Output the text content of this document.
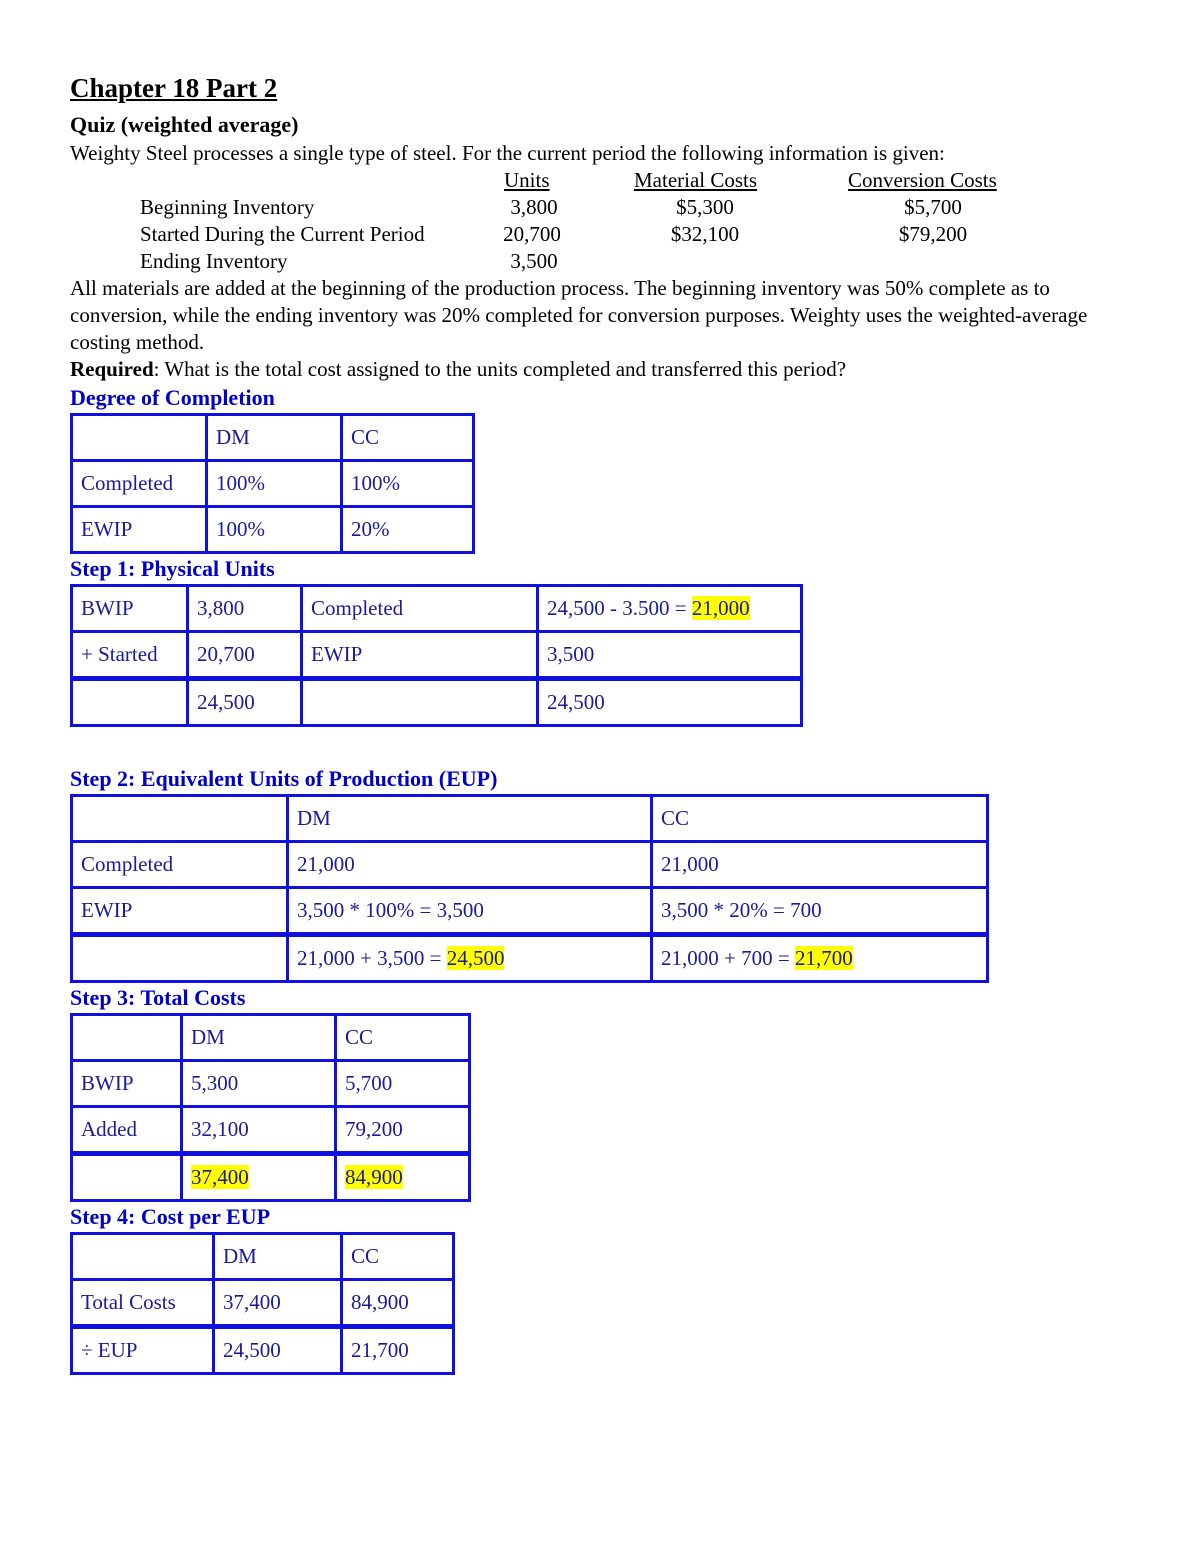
Chapter 18 Part 2
Quiz (weighted average)
Weighty Steel processes a single type of steel. For the current period the following information is given:
Units	Material Costs	Conversion Costs
Beginning Inventory	3,800	$5,300	$5,700
Started During the Current Period	20,700	$32,100	$79,200
Ending Inventory	3,500
All materials are added at the beginning of the production process. The beginning inventory was 50% complete as to conversion, while the ending inventory was 20% completed for conversion purposes. Weighty uses the weighted-average costing method.
Required: What is the total cost assigned to the units completed and transferred this period?
Degree of Completion
	DM	CC
Completed	100%	100%
EWIP	100%	20%
Step 1: Physical Units
BWIP	3,800	Completed	24,500 - 3.500 = 21,000
+ Started	20,700	EWIP	3,500
	24,500		24,500
Step 2: Equivalent Units of Production (EUP)
	DM	CC
Completed	21,000	21,000
EWIP	3,500 * 100% = 3,500	3,500 * 20% = 700
	21,000 + 3,500 = 24,500	21,000 + 700 = 21,700
Step 3: Total Costs
	DM	CC
BWIP	5,300	5,700
Added	32,100	79,200
	37,400	84,900
Step 4: Cost per EUP
	DM	CC
Total Costs	37,400	84,900
÷ EUP	24,500	21,700
